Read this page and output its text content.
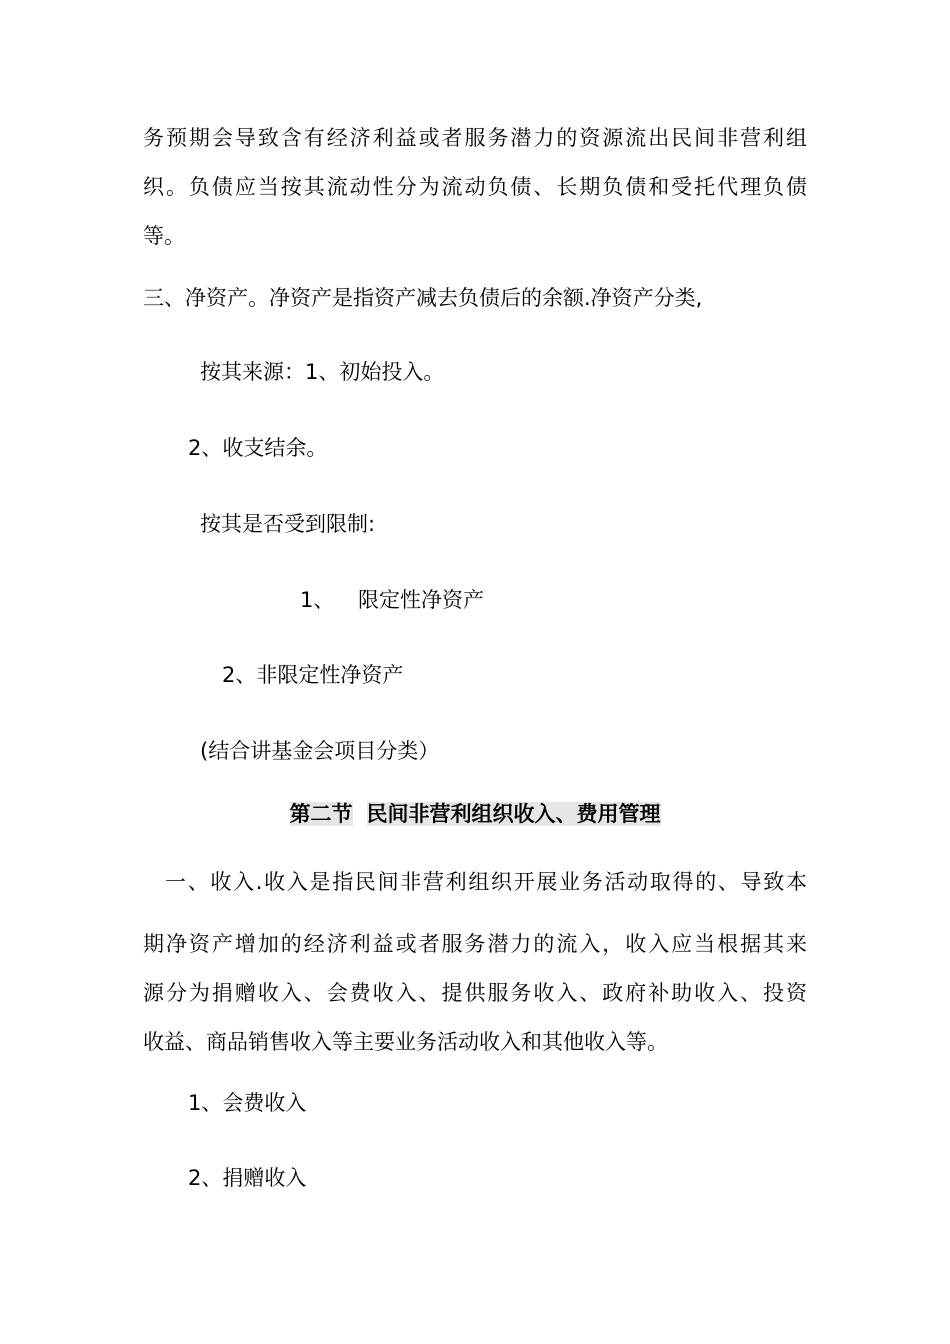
务预期会导致含有经济利益或者服务潜力的资源流出民间非营利组
织。负债应当按其流动性分为流动负债、长期负债和受托代理负债
等。
三、净资产。净资产是指资产减去负债后的余额.净资产分类,
按其来源：1、初始投入。
2、收支结余。
按其是否受到限制:
1、 限定性净资产
2、非限定性净资产
(结合讲基金会项目分类）
第二节 民间非营利组织收入、费用管理
一、收入.收入是指民间非营利组织开展业务活动取得的、导致本
期净资产增加的经济利益或者服务潜力的流入，收入应当根据其来
源分为捐赠收入、会费收入、提供服务收入、政府补助收入、投资
收益、商品销售收入等主要业务活动收入和其他收入等。
1、会费收入
2、捐赠收入
